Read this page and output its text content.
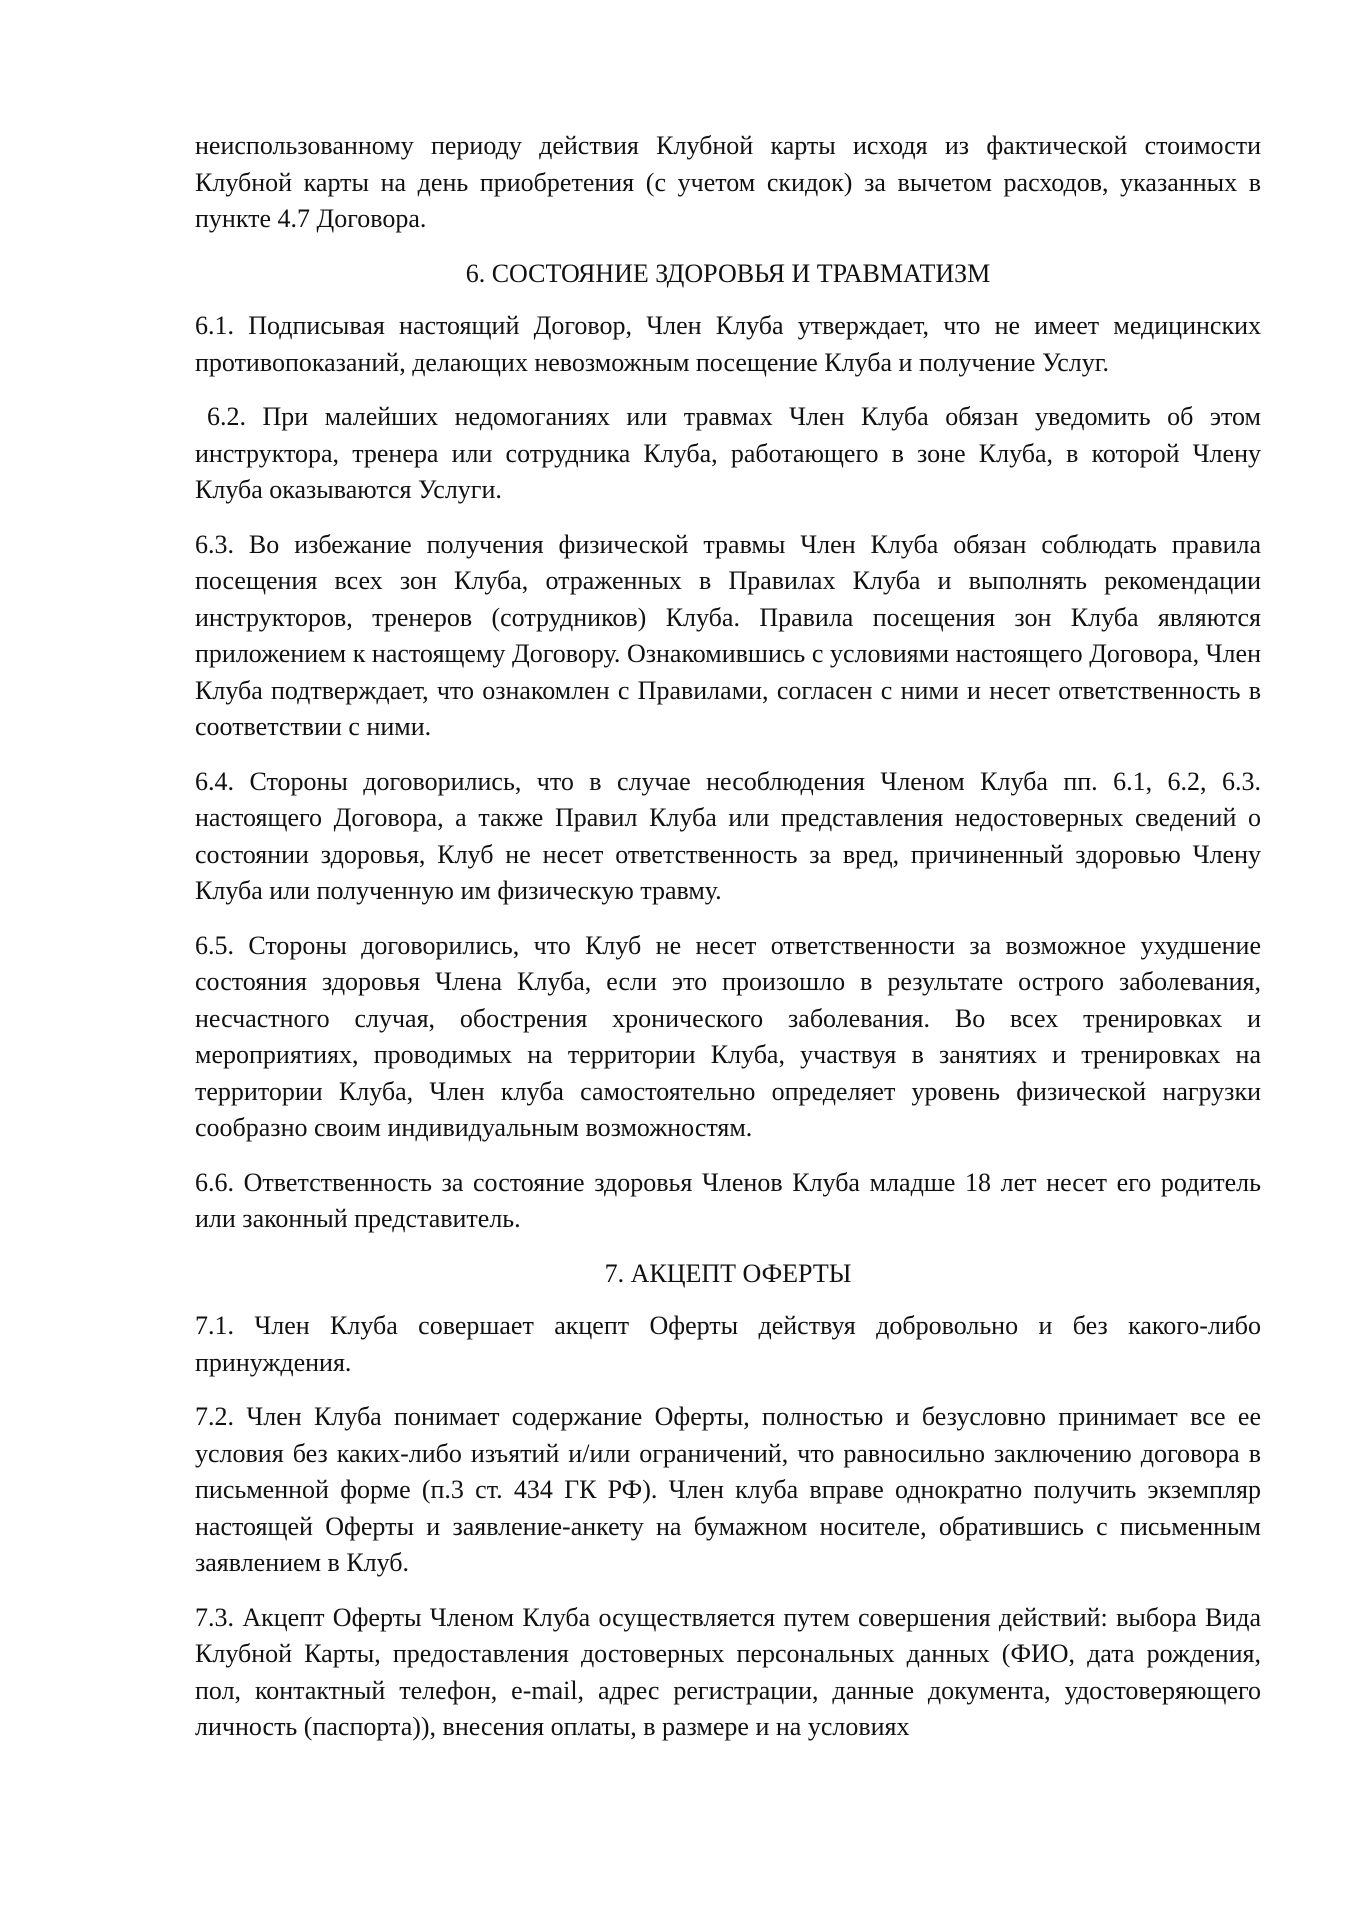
неиспользованному периоду действия Клубной карты исходя из фактической стоимости Клубной карты на день приобретения (с учетом скидок) за вычетом расходов, указанных в пункте 4.7 Договора.

6. СОСТОЯНИЕ ЗДОРОВЬЯ И ТРАВМАТИЗМ

6.1. Подписывая настоящий Договор, Член Клуба утверждает, что не имеет медицинских противопоказаний, делающих невозможным посещение Клуба и получение Услуг.

6.2. При малейших недомоганиях или травмах Член Клуба обязан уведомить об этом инструктора, тренера или сотрудника Клуба, работающего в зоне Клуба, в которой Члену Клуба оказываются Услуги.

6.3. Во избежание получения физической травмы Член Клуба обязан соблюдать правила посещения всех зон Клуба, отраженных в Правилах Клуба и выполнять рекомендации инструкторов, тренеров (сотрудников) Клуба. Правила посещения зон Клуба являются приложением к настоящему Договору. Ознакомившись с условиями настоящего Договора, Член Клуба подтверждает, что ознакомлен с Правилами, согласен с ними и несет ответственность в соответствии с ними.

6.4. Стороны договорились, что в случае несоблюдения Членом Клуба пп. 6.1, 6.2, 6.3. настоящего Договора, а также Правил Клуба или представления недостоверных сведений о состоянии здоровья, Клуб не несет ответственность за вред, причиненный здоровью Члену Клуба или полученную им физическую травму.

6.5. Стороны договорились, что Клуб не несет ответственности за возможное ухудшение состояния здоровья Члена Клуба, если это произошло в результате острого заболевания, несчастного случая, обострения хронического заболевания. Во всех тренировках и мероприятиях, проводимых на территории Клуба, участвуя в занятиях и тренировках на территории Клуба, Член клуба самостоятельно определяет уровень физической нагрузки сообразно своим индивидуальным возможностям.

6.6. Ответственность за состояние здоровья Членов Клуба младше 18 лет несет его родитель или законный представитель.

7. АКЦЕПТ ОФЕРТЫ

7.1. Член Клуба совершает акцепт Оферты действуя добровольно и без какого-либо принуждения.

7.2. Член Клуба понимает содержание Оферты, полностью и безусловно принимает все ее условия без каких-либо изъятий и/или ограничений, что равносильно заключению договора в письменной форме (п.3 ст. 434 ГК РФ). Член клуба вправе однократно получить экземпляр настоящей Оферты и заявление-анкету на бумажном носителе, обратившись с письменным заявлением в Клуб.

7.3. Акцепт Оферты Членом Клуба осуществляется путем совершения действий: выбора Вида Клубной Карты, предоставления достоверных персональных данных (ФИО, дата рождения, пол, контактный телефон, e-mail, адрес регистрации, данные документа, удостоверяющего личность (паспорта)), внесения оплаты, в размере и на условиях
